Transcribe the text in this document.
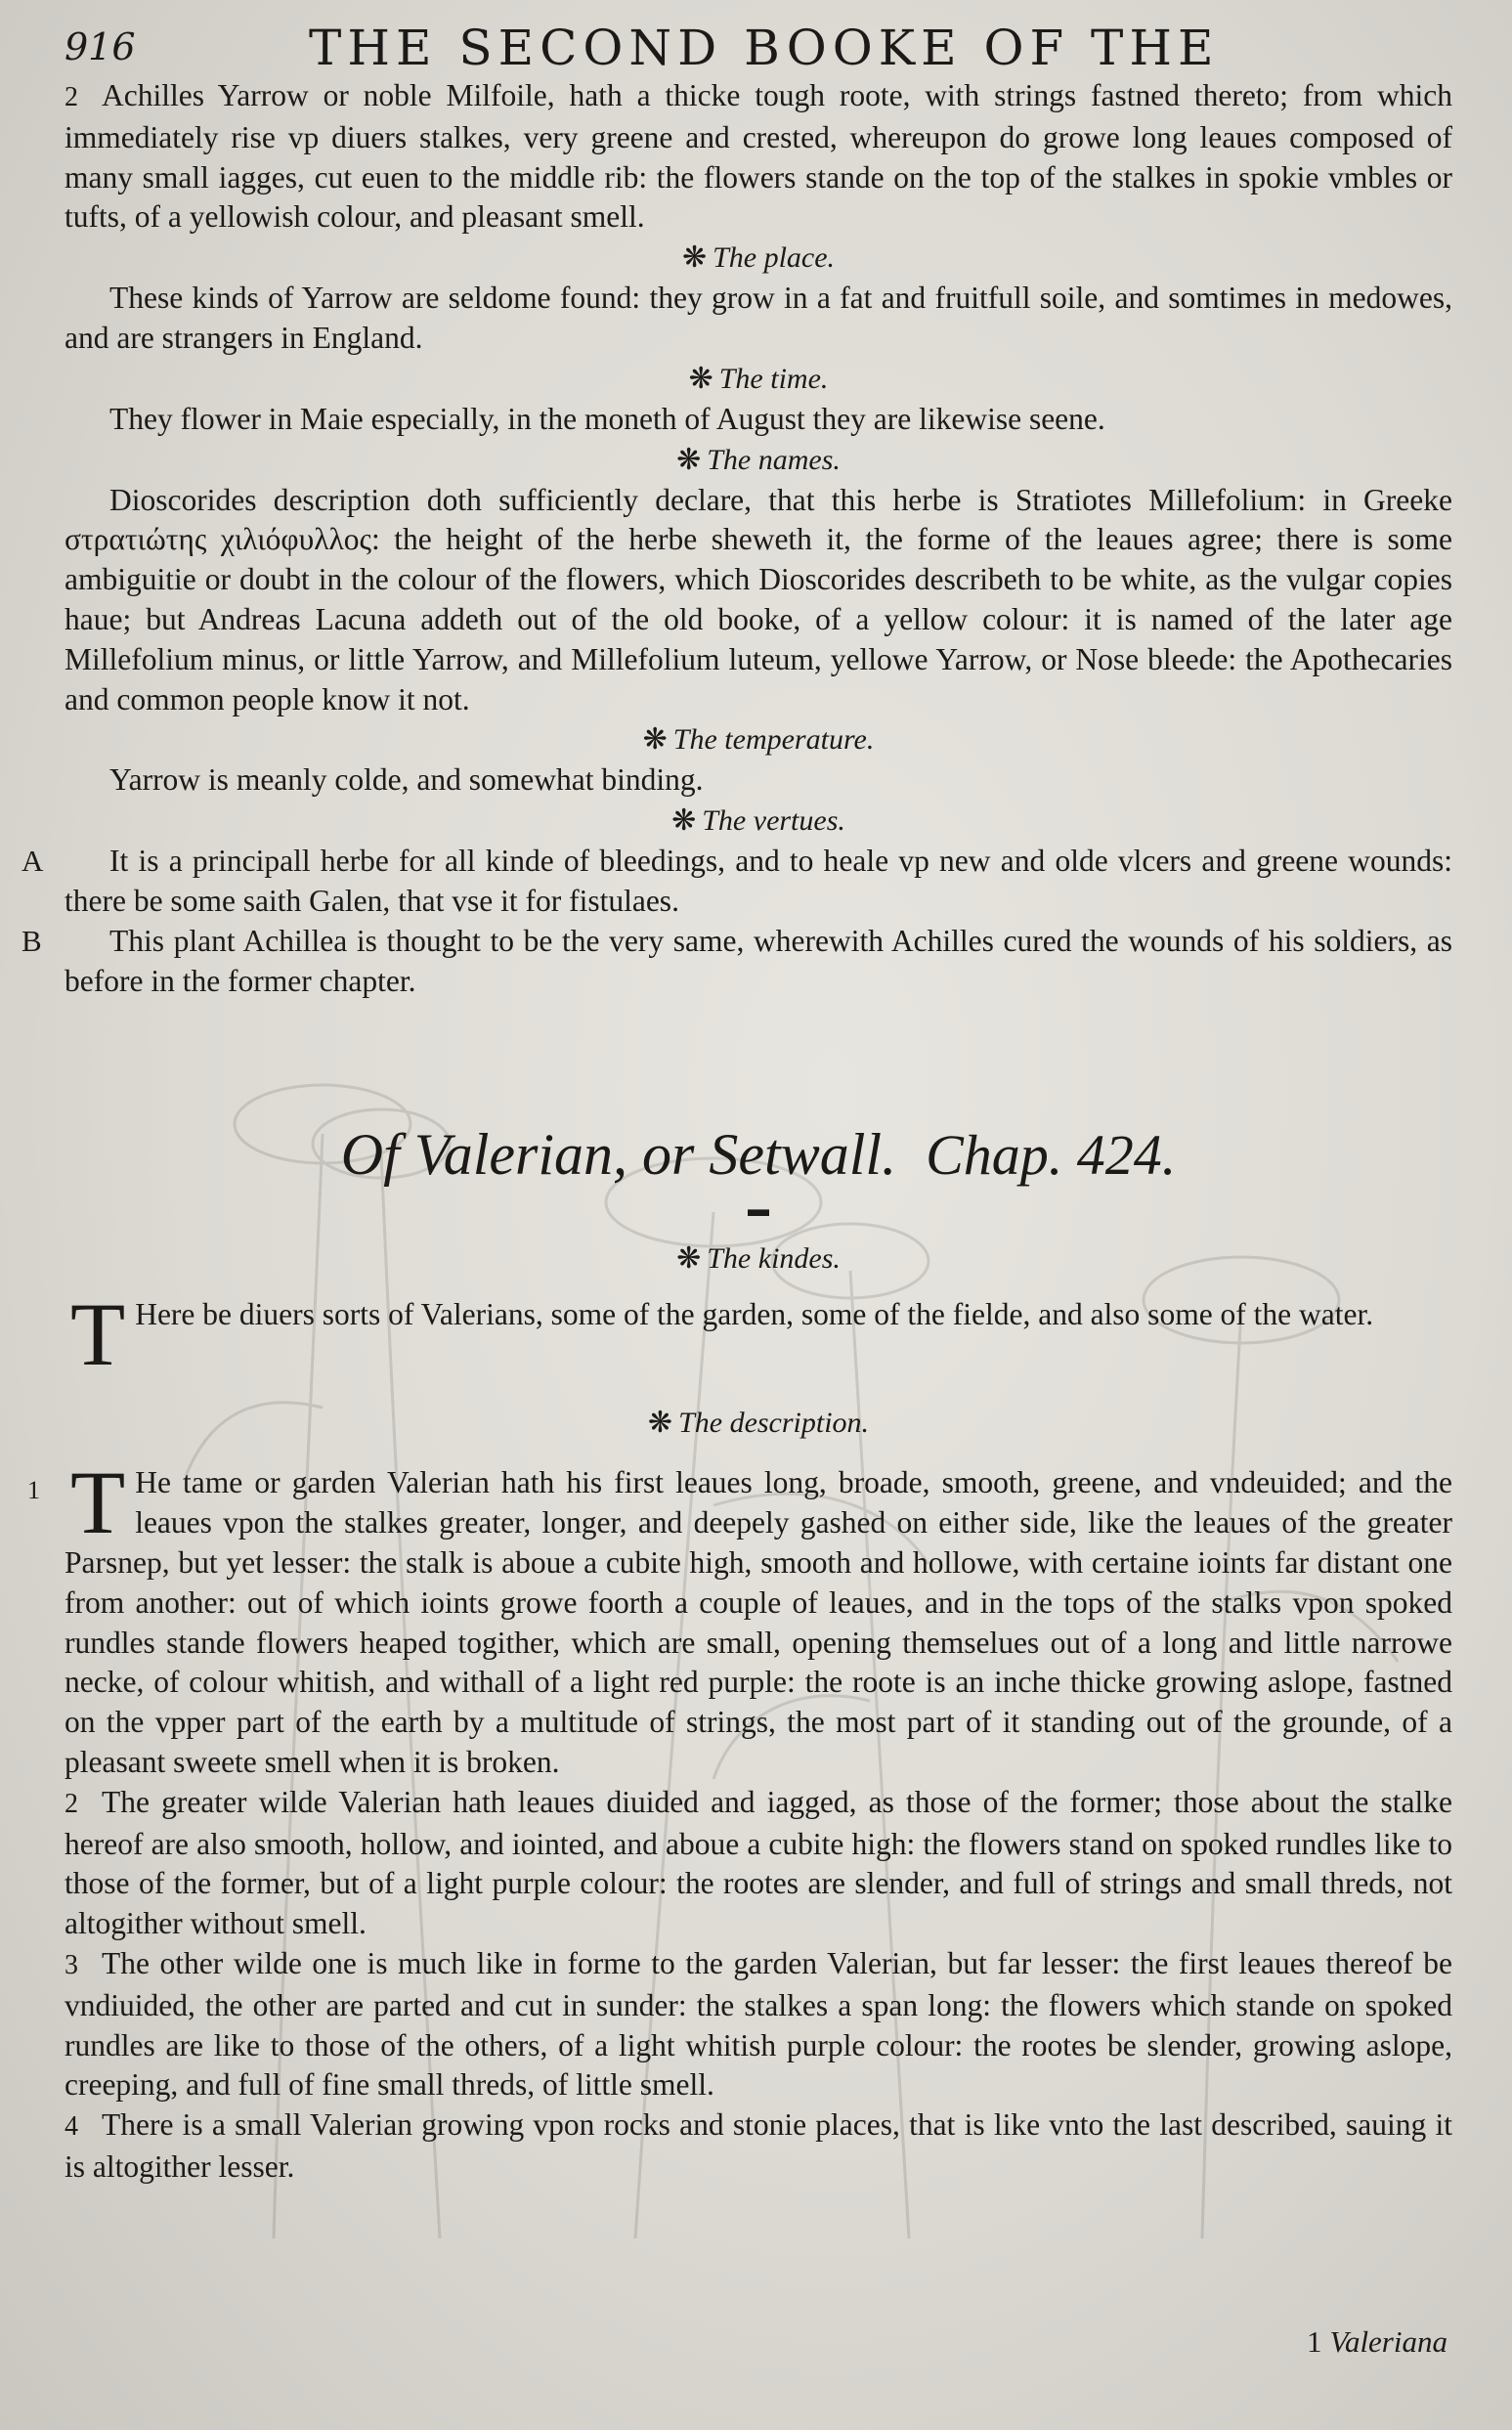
916	THE SECOND BOOKE OF THE

2 Achilles Yarrow or noble Milfoile, hath a thicke tough roote, with strings fastned thereto; from which immediately rise vp diuers stalkes, very greene and crested, whereupon do growe long leaues composed of many small iagges, cut euen to the middle rib: the flowers stande on the top of the stalkes in spokie vmbles or tufts, of a yellowish colour, and pleasant smell.

❋ The place.

These kinds of Yarrow are seldome found: they grow in a fat and fruitfull soile, and somtimes in medowes, and are strangers in England.

❋ The time.

They flower in Maie especially, in the moneth of August they are likewise seene.

❋ The names.

Dioscorides description doth sufficiently declare, that this herbe is Stratiotes Millefolium: in Greeke στρατιώτης χιλιόφυλλος: the height of the herbe sheweth it, the forme of the leaues agree; there is some ambiguitie or doubt in the colour of the flowers, which Dioscorides describeth to be white, as the vulgar copies haue; but Andreas Lacuna addeth out of the old booke, of a yellow colour: it is named of the later age Millefolium minus, or little Yarrow, and Millefolium luteum, yellowe Yarrow, or Nose bleede: the Apothecaries and common people know it not.

❋ The temperature.

Yarrow is meanly colde, and somewhat binding.

❋ The vertues.

A It is a principall herbe for all kinde of bleedings, and to heale vp new and olde vlcers and greene wounds: there be some saith Galen, that vse it for fistulaes.

B This plant Achillea is thought to be the very same, wherewith Achilles cured the wounds of his soldiers, as before in the former chapter.

Of Valerian, or Setwall. Chap. 424.

▬

❋ The kindes.

T Here be diuers sorts of Valerians, some of the garden, some of the fielde, and also some of the water.

❋ The description.

1 T He tame or garden Valerian hath his first leaues long, broade, smooth, greene, and vndeuided; and the leaues vpon the stalkes greater, longer, and deepely gashed on either side, like the leaues of the greater Parsnep, but yet lesser: the stalk is aboue a cubite high, smooth and hollowe, with certaine ioints far distant one from another: out of which ioints growe foorth a couple of leaues, and in the tops of the stalks vpon spoked rundles stande flowers heaped togither, which are small, opening themselues out of a long and little narrowe necke, of colour whitish, and withall of a light red purple: the roote is an inche thicke growing aslope, fastned on the vpper part of the earth by a multitude of strings, the most part of it standing out of the grounde, of a pleasant sweete smell when it is broken.

2 The greater wilde Valerian hath leaues diuided and iagged, as those of the former; those about the stalke hereof are also smooth, hollow, and iointed, and aboue a cubite high: the flowers stand on spoked rundles like to those of the former, but of a light purple colour: the rootes are slender, and full of strings and small threds, not altogither without smell.

3 The other wilde one is much like in forme to the garden Valerian, but far lesser: the first leaues thereof be vndiuided, the other are parted and cut in sunder: the stalkes a span long: the flowers which stande on spoked rundles are like to those of the others, of a light whitish purple colour: the rootes be slender, growing aslope, creeping, and full of fine small threds, of little smell.

4 There is a small Valerian growing vpon rocks and stonie places, that is like vnto the last described, sauing it is altogither lesser.

1 Valeriana
